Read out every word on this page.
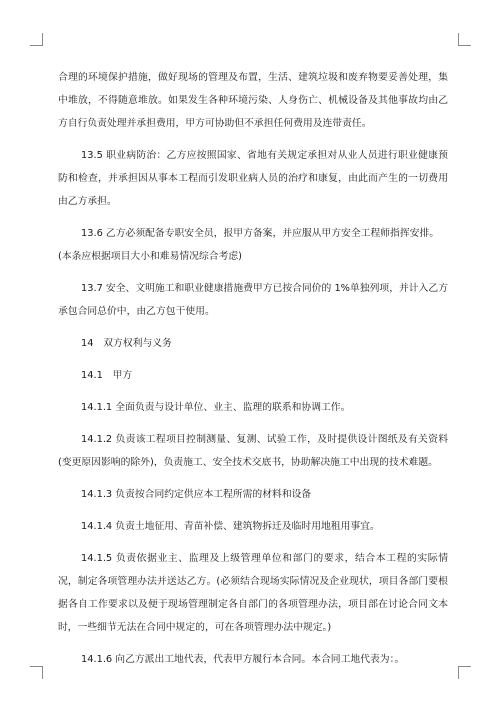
合理的环境保护措施，做好现场的管理及布置，生活、建筑垃圾和废弃物要妥善处理，集中堆放，不得随意堆放。如果发生各种环境污染、人身伤亡、机械设备及其他事故均由乙方自行负责处理并承担费用，甲方可协助但不承担任何费用及连带责任。

13.5 职业病防治：乙方应按照国家、省地有关规定承担对从业人员进行职业健康预防和检查，并承担因从事本工程而引发职业病人员的治疗和康复，由此而产生的一切费用由乙方承担。

13.6 乙方必须配备专职安全员，报甲方备案，并应服从甲方安全工程师指挥安排。

(本条应根据项目大小和难易情况综合考虑)

13.7 安全、文明施工和职业健康措施费甲方已按合同价的 1%单独列项，并计入乙方承包合同总价中，由乙方包干使用。

14　双方权利与义务

14.1　甲方

14.1.1 全面负责与设计单位、业主、监理的联系和协调工作。

14.1.2 负责该工程项目控制测量、复测、试验工作，及时提供设计图纸及有关资料(变更原因影响的除外)，负责施工、安全技术交底书，协助解决施工中出现的技术难题。

14.1.3 负责按合同约定供应本工程所需的材料和设备

14.1.4 负责土地征用、青苗补偿、建筑物拆迁及临时用地租用事宜。

14.1.5 负责依据业主、监理及上级管理单位和部门的要求，结合本工程的实际情况，制定各项管理办法并送达乙方。(必须结合现场实际情况及企业现状，项目各部门要根据各自工作要求以及便于现场管理制定各自部门的各项管理办法，项目部在讨论合同文本时，一些细节无法在合同中规定的，可在各项管理办法中规定。)

14.1.6 向乙方派出工地代表，代表甲方履行本合同。本合同工地代表为：。
